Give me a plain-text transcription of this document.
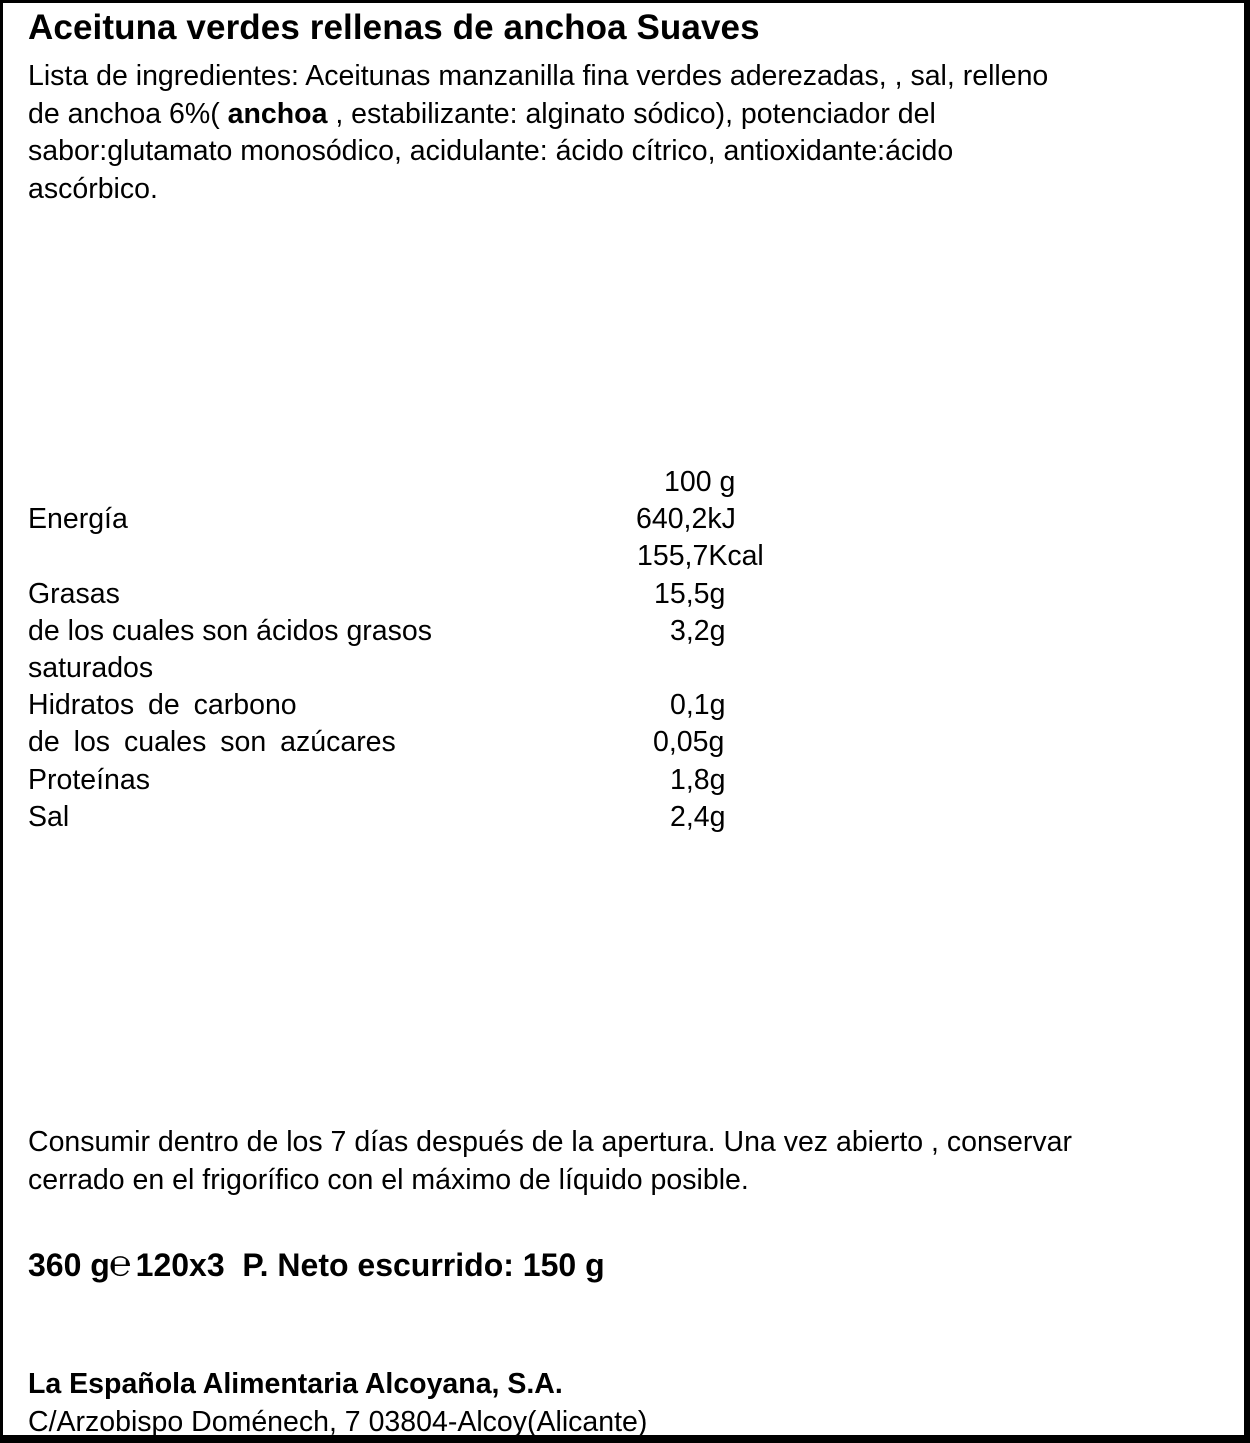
Aceituna verdes rellenas de anchoa Suaves
Lista de ingredientes: Aceitunas manzanilla fina verdes aderezadas, , sal, relleno
de anchoa 6%( anchoa , estabilizante: alginato sódico), potenciador del
sabor:glutamato monosódico, acidulante: ácido cítrico, antioxidante:ácido
ascórbico.
100 g
Energía	640,2kJ
155,7Kcal
Grasas	15,5g
de los cuales son ácidos grasos	3,2g
saturados
Hidratos de carbono	0,1g
de los cuales son azúcares	0,05g
Proteínas	1,8g
Sal	2,4g
Consumir dentro de los 7 días después de la apertura. Una vez abierto , conservar
cerrado en el frigorífico con el máximo de líquido posible.
360 g℮ 120x3 P. Neto escurrido: 150 g
La Española Alimentaria Alcoyana, S.A.
C/Arzobispo Doménech, 7 03804-Alcoy(Alicante)
